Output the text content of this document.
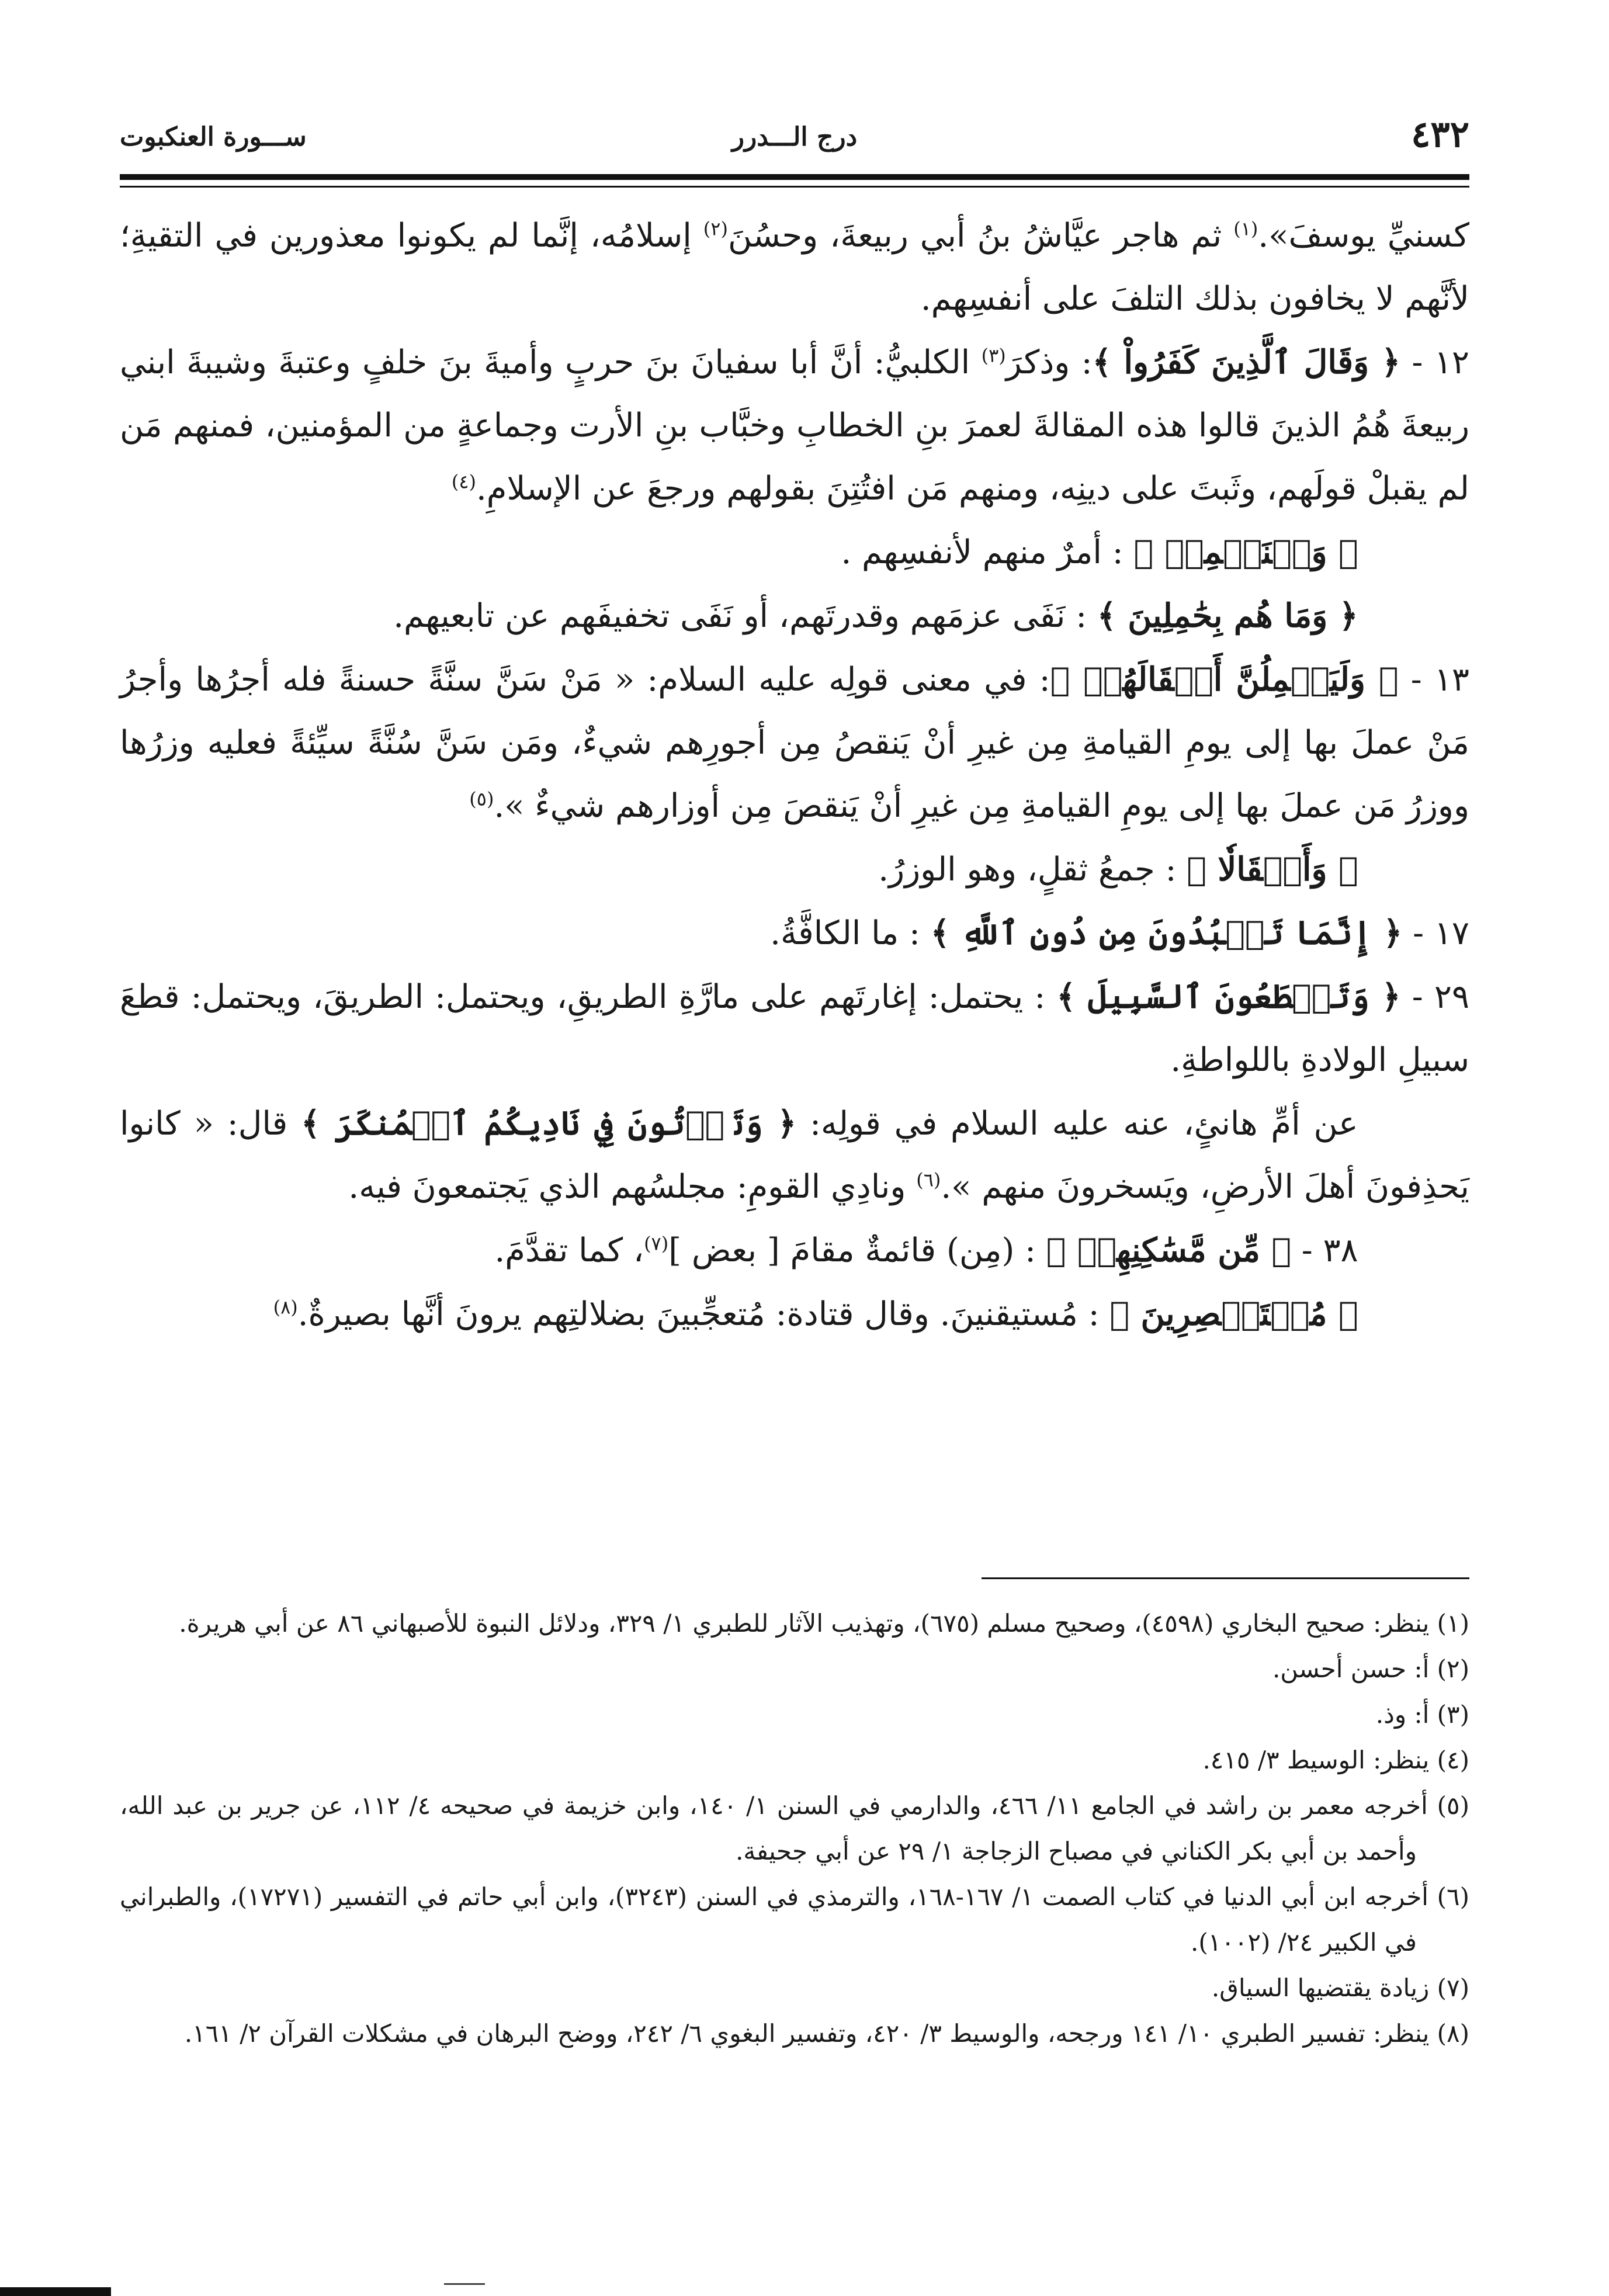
٤٣٢
درج الـــدرر
ســـورة العنكبوت

كسنيِّ يوسفَ».$^{(١)}$ ثم هاجر عيَّاشُ بنُ أبي ربيعةَ، وحسُنَ$^{(٢)}$ إسلامُه، إنَّما لم يكونوا معذورين في التقيةِ؛ لأنَّهم لا يخافون بذلك التلفَ على أنفسِهم.

١٢ - ﴿ وَقَالَ ٱلَّذِينَ كَفَرُواْ ﴾: وذكرَ$^{(٣)}$ الكلبيُّ: أنَّ أبا سفيانَ بنَ حربٍ وأميةَ بنَ خلفٍ وعتبةَ وشيبةَ ابني ربيعةَ هُمُ الذينَ قالوا هذه المقالةَ لعمرَ بنِ الخطابِ وخبَّاب بنِ الأرت وجماعةٍ من المؤمنين، فمنهم مَن لم يقبلْ قولَهم، وثَبتَ على دينِه، ومنهم مَن افتُتِنَ بقولهم ورجعَ عن الإسلامِ.$^{(٤)}$

﴿ وَلۡنَحۡمِلۡ ﴾ : أمرٌ منهم لأنفسِهم .

﴿ وَمَا هُم بِحَٰمِلِينَ ﴾ : نَفَى عزمَهم وقدرتَهم، أو نَفَى تخفيفَهم عن تابعيهم.

١٣ - ﴿ وَلَيَحۡمِلُنَّ أَثۡقَالَهُمۡ ﴾: في معنى قولِه عليه السلام: « مَنْ سَنَّ سنَّةً حسنةً فله أجرُها وأجرُ مَنْ عملَ بها إلى يومِ القيامةِ مِن غيرِ أنْ يَنقصُ مِن أجورِهم شيءٌ، ومَن سَنَّ سُنَّةً سيِّئةً فعليه وزرُها ووزرُ مَن عملَ بها إلى يومِ القيامةِ مِن غيرِ أنْ يَنقصَ مِن أوزارهم شيءٌ ».$^{(٥)}$

﴿ وَأَثۡقَالٗا ﴾ : جمعُ ثقلٍ، وهو الوزرُ.

١٧ - ﴿ إِنَّمَا تَعۡبُدُونَ مِن دُونِ ٱللَّهِ ﴾ : ما الكافَّةُ.

٢٩ - ﴿ وَتَقۡطَعُونَ ٱلسَّبِيلَ ﴾ : يحتمل: إغارتَهم على مارَّةِ الطريقِ، ويحتمل: الطريقَ، ويحتمل: قطعَ سبيلِ الولادةِ باللواطةِ.

عن أمِّ هانئٍ، عنه عليه السلام في قولِه: ﴿ وَتَأۡتُونَ فِي نَادِيكُمُ ٱلۡمُنكَرَ ﴾ قال: « كانوا يَحذِفونَ أهلَ الأرضِ، ويَسخرونَ منهم ».$^{(٦)}$ ونادِي القومِ: مجلسُهم الذي يَجتمعونَ فيه.

٣٨ - ﴿ مِّن مَّسَٰكِنِهِمۡ ﴾ : (مِن) قائمةٌ مقامَ [ بعض ]$^{(٧)}$، كما تقدَّمَ.

﴿ مُسۡتَبۡصِرِينَ ﴾ : مُستيقنينَ. وقال قتادة: مُتعجِّبينَ بضلالتِهم يرونَ أنَّها بصيرةٌ.$^{(٨)}$

(١) ينظر: صحيح البخاري (٤٥٩٨)، وصحيح مسلم (٦٧٥)، وتهذيب الآثار للطبري ١/ ٣٢٩، ودلائل النبوة للأصبهاني ٨٦ عن أبي هريرة.

(٢) أ: حسن أحسن.

(٣) أ: وذ.

(٤) ينظر: الوسيط ٣/ ٤١٥.

(٥) أخرجه معمر بن راشد في الجامع ١١/ ٤٦٦، والدارمي في السنن ١/ ١٤٠، وابن خزيمة في صحيحه ٤/ ١١٢، عن جرير بن عبد الله، وأحمد بن أبي بكر الكناني في مصباح الزجاجة ١/ ٢٩ عن أبي جحيفة.

(٦) أخرجه ابن أبي الدنيا في كتاب الصمت ١/ ١٦٧-١٦٨، والترمذي في السنن (٣٢٤٣)، وابن أبي حاتم في التفسير (١٧٢٧١)، والطبراني في الكبير ٢٤/ (١٠٠٢).

(٧) زيادة يقتضيها السياق.

(٨) ينظر: تفسير الطبري ١٠/ ١٤١ ورجحه، والوسيط ٣/ ٤٢٠، وتفسير البغوي ٦/ ٢٤٢، ووضح البرهان في مشكلات القرآن ٢/ ١٦١.
